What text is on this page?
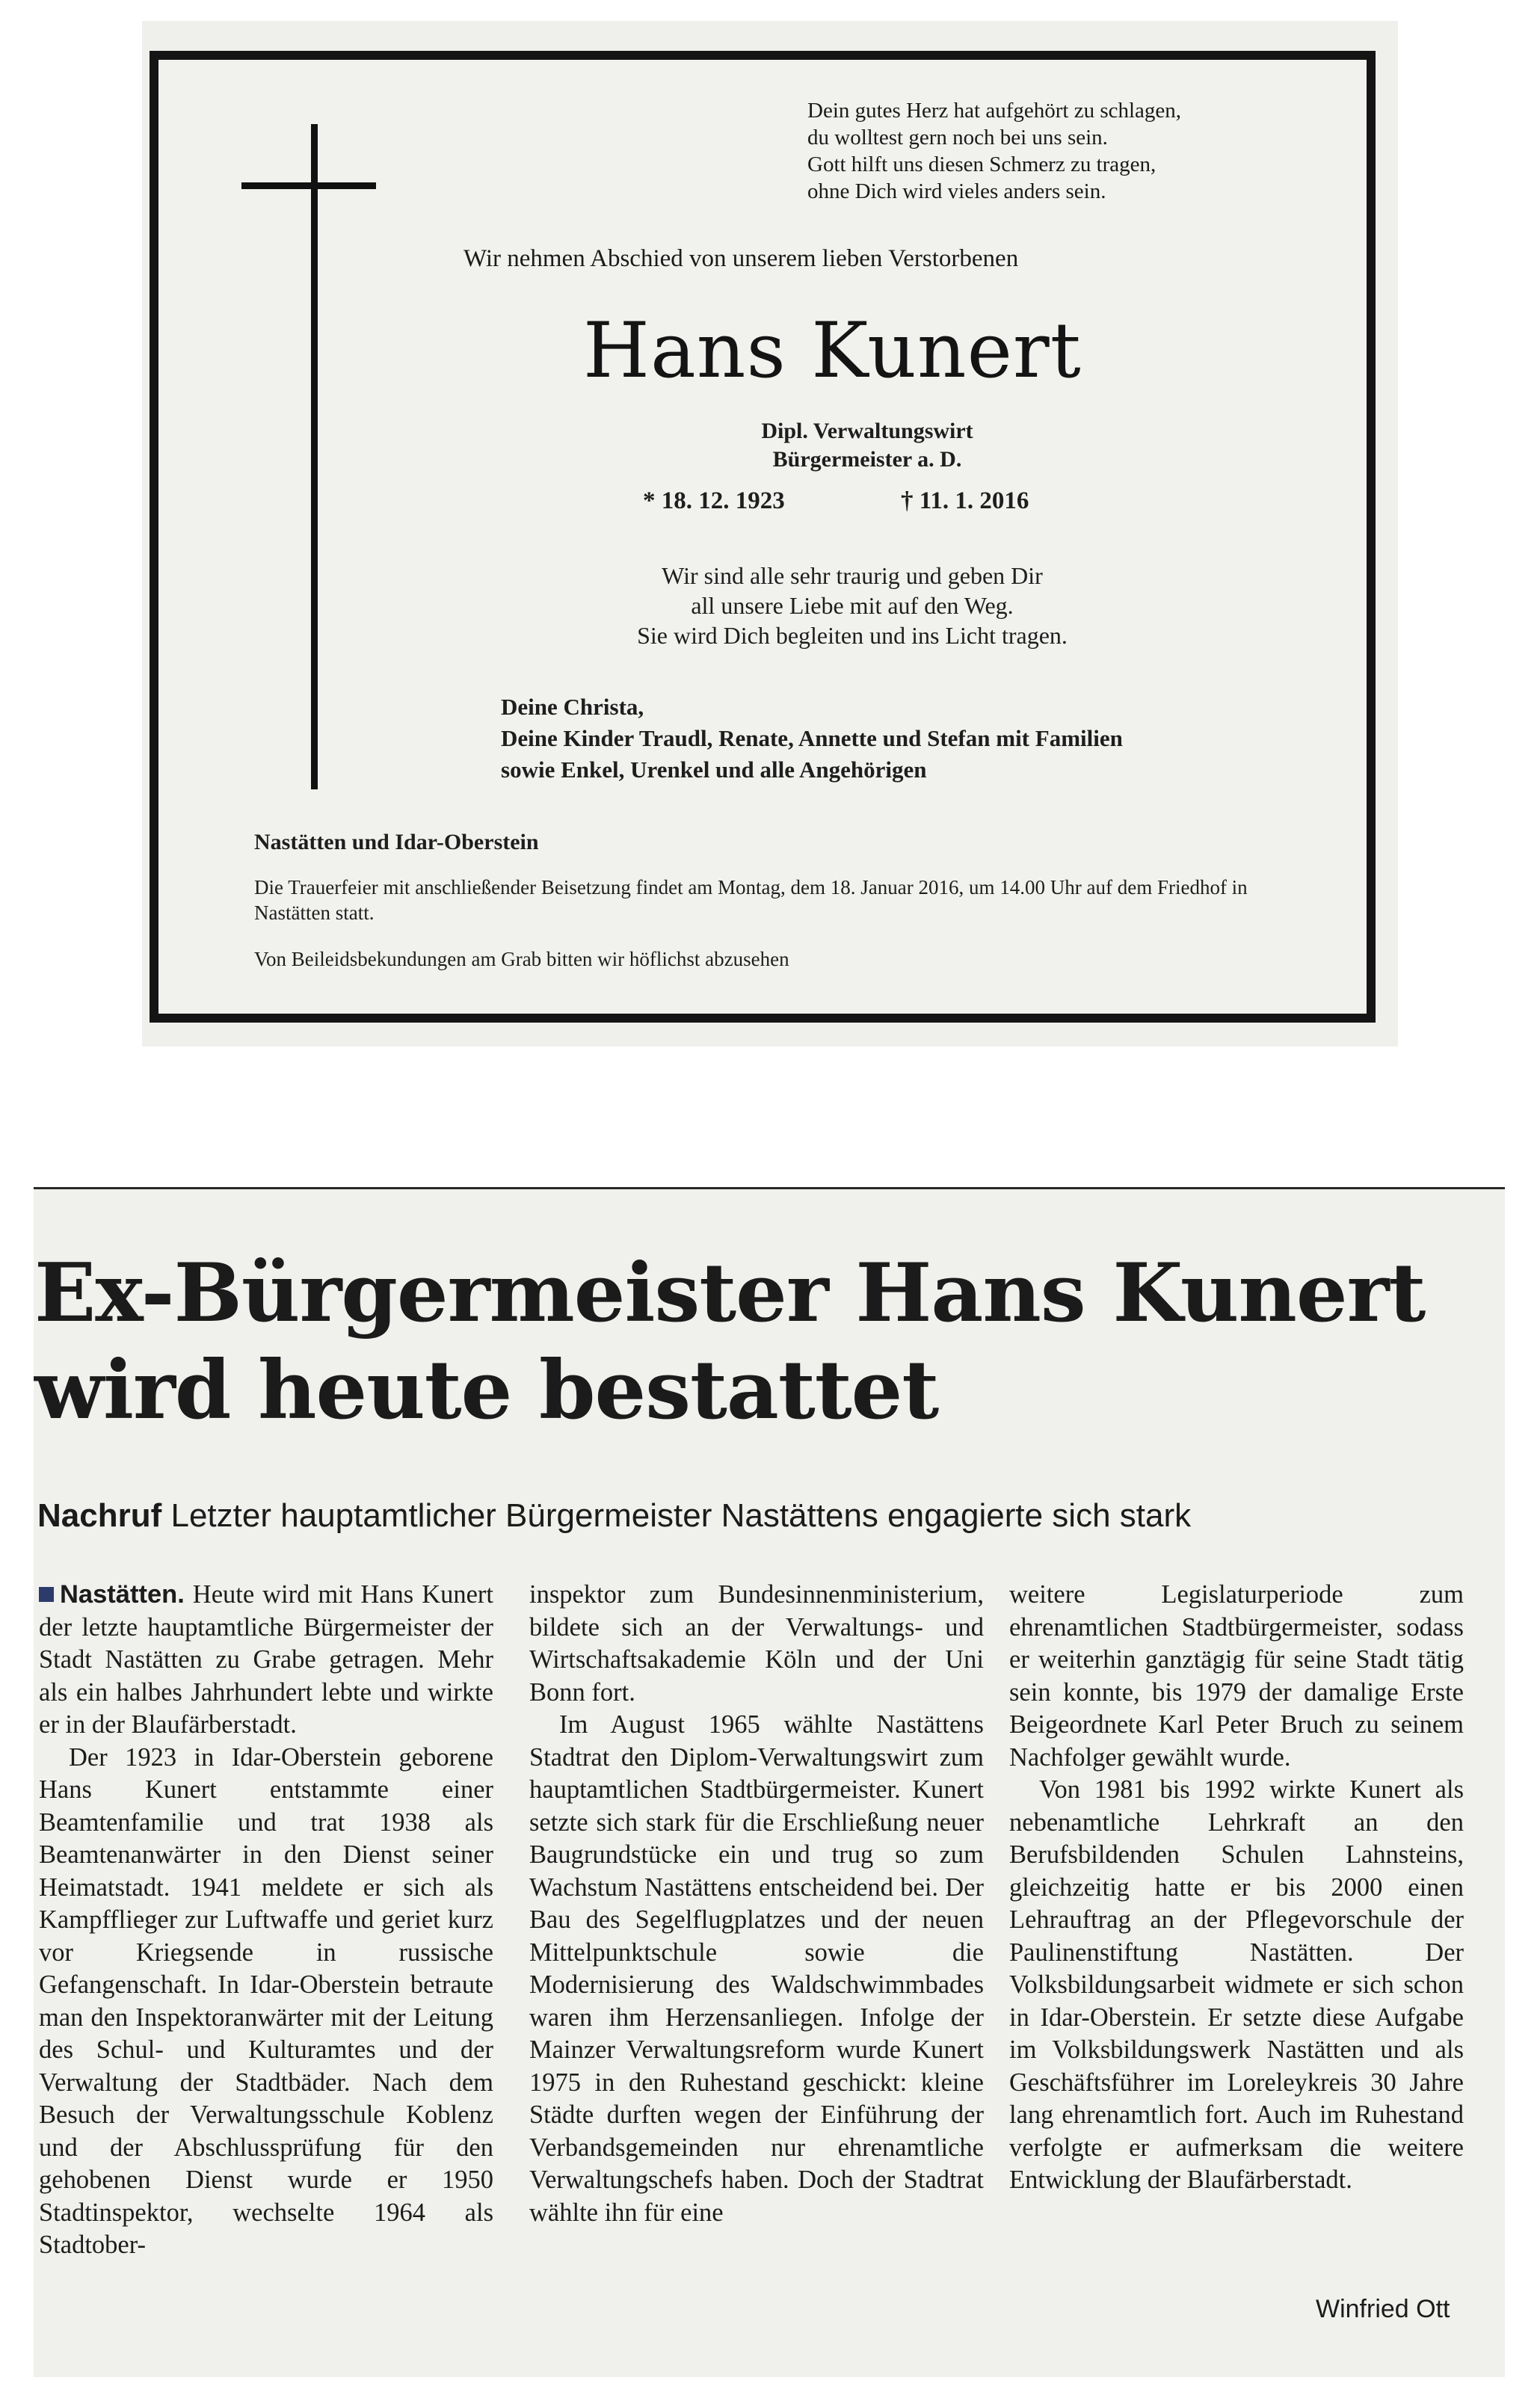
Dein gutes Herz hat aufgehört zu schlagen,
du wolltest gern noch bei uns sein.
Gott hilft uns diesen Schmerz zu tragen,
ohne Dich wird vieles anders sein.
Wir nehmen Abschied von unserem lieben Verstorbenen
Hans Kunert
Dipl. Verwaltungswirt
Bürgermeister a. D.
* 18. 12. 1923	† 11. 1. 2016
Wir sind alle sehr traurig und geben Dir
all unsere Liebe mit auf den Weg.
Sie wird Dich begleiten und ins Licht tragen.
Deine Christa,
Deine Kinder Traudl, Renate, Annette und Stefan mit Familien
sowie Enkel, Urenkel und alle Angehörigen
Nastätten und Idar-Oberstein
Die Trauerfeier mit anschließender Beisetzung findet am Montag, dem 18. Januar 2016, um 14.00 Uhr auf dem Friedhof in Nastätten statt.
Von Beileidsbekundungen am Grab bitten wir höflichst abzusehen
Ex-Bürgermeister Hans Kunert
wird heute bestattet
Nachruf Letzter hauptamtlicher Bürgermeister Nastättens engagierte sich stark

Nastätten. Heute wird mit Hans Kunert der letzte hauptamtliche Bürgermeister der Stadt Nastätten zu Grabe getragen. Mehr als ein halbes Jahrhundert lebte und wirkte er in der Blaufärberstadt.

Der 1923 in Idar-Oberstein geborene Hans Kunert entstammte einer Beamtenfamilie und trat 1938 als Beamtenanwärter in den Dienst seiner Heimatstadt. 1941 meldete er sich als Kampfflieger zur Luftwaffe und geriet kurz vor Kriegsende in russische Gefangenschaft. In Idar-Oberstein betraute man den Inspektoranwärter mit der Leitung des Schul- und Kulturamtes und der Verwaltung der Stadtbäder. Nach dem Besuch der Verwaltungsschule Koblenz und der Abschlussprüfung für den gehobenen Dienst wurde er 1950 Stadtinspektor, wechselte 1964 als Stadtober-

inspektor zum Bundesinnenministerium, bildete sich an der Verwaltungs- und Wirtschaftsakademie Köln und der Uni Bonn fort.

Im August 1965 wählte Nastättens Stadtrat den Diplom-Verwaltungswirt zum hauptamtlichen Stadtbürgermeister. Kunert setzte sich stark für die Erschließung neuer Baugrundstücke ein und trug so zum Wachstum Nastättens entscheidend bei. Der Bau des Segelflugplatzes und der neuen Mittelpunktschule sowie die Modernisierung des Waldschwimmbades waren ihm Herzensanliegen. Infolge der Mainzer Verwaltungsreform wurde Kunert 1975 in den Ruhestand geschickt: kleine Städte durften wegen der Einführung der Verbandsgemeinden nur ehrenamtliche Verwaltungschefs haben. Doch der Stadtrat wählte ihn für eine

weitere Legislaturperiode zum ehrenamtlichen Stadtbürgermeister, sodass er weiterhin ganztägig für seine Stadt tätig sein konnte, bis 1979 der damalige Erste Beigeordnete Karl Peter Bruch zu seinem Nachfolger gewählt wurde.

Von 1981 bis 1992 wirkte Kunert als nebenamtliche Lehrkraft an den Berufsbildenden Schulen Lahnsteins, gleichzeitig hatte er bis 2000 einen Lehrauftrag an der Pflegevorschule der Paulinenstiftung Nastätten. Der Volksbildungsarbeit widmete er sich schon in Idar-Oberstein. Er setzte diese Aufgabe im Volksbildungswerk Nastätten und als Geschäftsführer im Loreleykreis 30 Jahre lang ehrenamtlich fort. Auch im Ruhestand verfolgte er aufmerksam die weitere Entwicklung der Blaufärberstadt.

Winfried Ott
